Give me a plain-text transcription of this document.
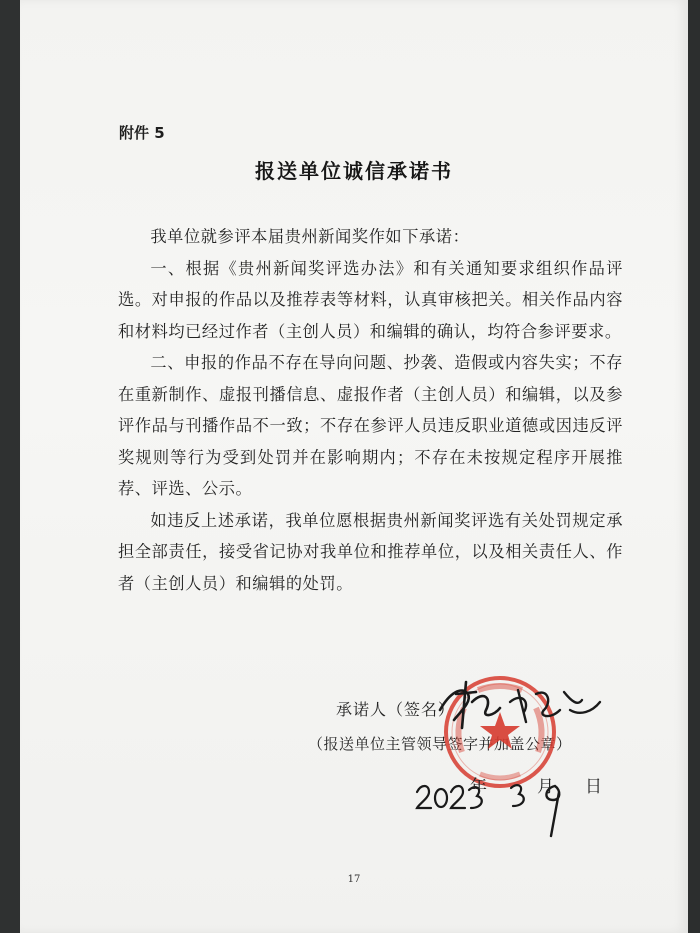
附件 5
报送单位诚信承诺书

我单位就参评本届贵州新闻奖作如下承诺：

一、根据《贵州新闻奖评选办法》和有关通知要求组织作品评选。对申报的作品以及推荐表等材料，认真审核把关。相关作品内容和材料均已经过作者（主创人员）和编辑的确认，均符合参评要求。

二、申报的作品不存在导向问题、抄袭、造假或内容失实；不存在重新制作、虚报刊播信息、虚报作者（主创人员）和编辑，以及参评作品与刊播作品不一致；不存在参评人员违反职业道德或因违反评奖规则等行为受到处罚并在影响期内；不存在未按规定程序开展推荐、评选、公示。

如违反上述承诺，我单位愿根据贵州新闻奖评选有关处罚规定承担全部责任，接受省记协对我单位和推荐单位，以及相关责任人、作者（主创人员）和编辑的处罚。

承诺人（签名）
（报送单位主管领导签字并加盖公章）
年	月 日
17
